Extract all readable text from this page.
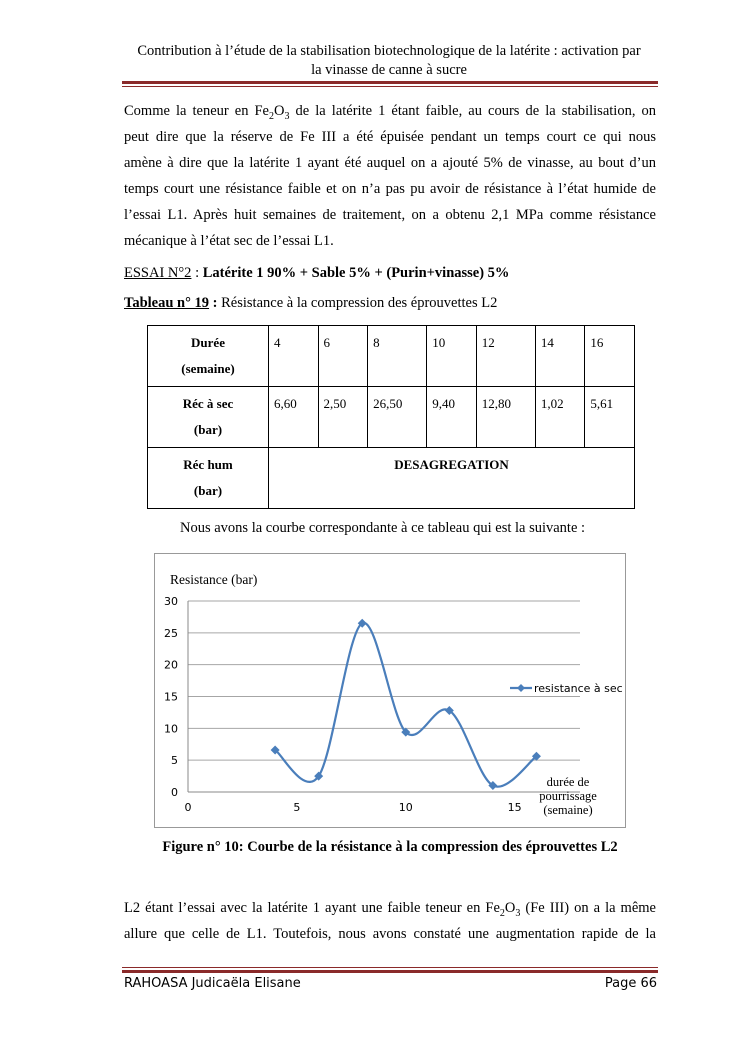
Contribution à l’étude de la stabilisation biotechnologique de la latérite : activation par
la vinasse de canne à sucre
Comme la teneur en $Fe_2O_3$ de la latérite 1 étant faible, au cours de la stabilisation, on
peut dire que la réserve de Fe III a été épuisée pendant un temps court ce qui nous
amène à dire que la latérite 1 ayant été auquel on a ajouté 5% de vinasse, au bout d’un
temps court une résistance faible et on n’a pas pu avoir de résistance à l’état humide de
l’essai L1. Après huit semaines de traitement, on a obtenu 2,1 MPa comme résistance
mécanique à l’état sec de l’essai L1.
ESSAI N°2 : Latérite 1 90% + Sable 5% + (Purin+vinasse) 5%
Tableau n° 19 : Résistance à la compression des éprouvettes L2
Durée
(semaine)	4	6	8	10	12	14	16

Réc à sec
(bar)	6,60	2,50	26,50	9,40	12,80	1,02	5,61

Réc hum
(bar)	DESAGREGATION						
Nous avons la courbe correspondante à ce tableau qui est la suivante :
0
5
10
15
20
25
30
0	5	10	15
Resistance (bar)
durée de
pourrissage
(semaine)
resistance à sec
Figure n° 10: Courbe de la résistance à la compression des éprouvettes L2
L2 étant l’essai avec la latérite 1 ayant une faible teneur en $Fe_2O_3$ (Fe III) on a la même
allure que celle de L1. Toutefois, nous avons constaté une augmentation rapide de la
RAHOASA Judicaëla Elisane	Page 66
